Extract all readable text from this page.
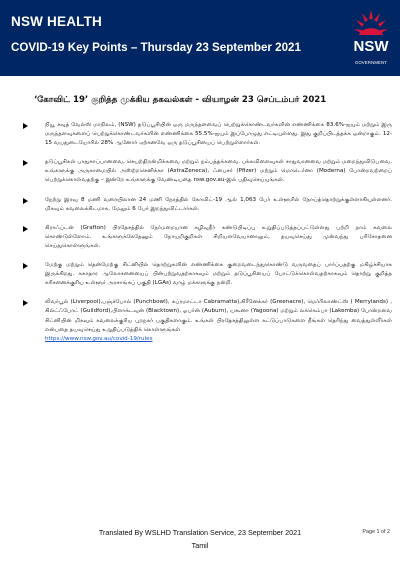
NSW HEALTH
COVID-19 Key Points – Thursday 23 September 2021	NSW
GOVERNMENT
‘கோவிட் 19’ குறித்த முக்கிய தகவல்கள் - வியாழன் 23 செப்டம்பர் 2021

நியூ சவுத் வேல்ஸ் மாநிலம், (NSW) தடுப்பூசியின் ஒரு மருந்தளவைப் பெற்றுக்கொண்டவர்களின் எண்ணிக்கை 83.6%-ஐயும் மற்றும் இரு மருந்தளவுகளைப் பெற்றுக்கொண்டவர்களின் எண்ணிக்கை 55.5%-ஐயும் இப்போழுது எட்டியுள்ளது. இது குறிப்பிடத்தக்க ஒன்றாகும். 12-15 வயதுடையோரில் 28% ஆனோர் ஏற்கனவே ஒரு தடுப்பூசியைப் பெற்றுள்ளார்கள்.

தடுப்பூசிகள் பாதுகாப்பானவை, செயற்திறன்மிக்கவை மற்றும் நம்பத்தக்கவை. பக்கவிளைவுகள் சாதுவானவை மற்றும் மறைந்துவிடுபவை. உங்களுக்கு அருகாமையில் அஸ்ற்றசெனிக்கா (AstraZeneca), ஃபைசர் (Pfizer) மற்றும் மொடெர்னா (Moderna) போன்றவற்றைப் பெற்றுக்கொள்வதற்கு – இன்றே உங்களுக்கு வேண்டியதை nsw.gov.au-இல் பதிவுசெய்யுங்கள்.

நேற்று இரவு 8 மணி வரையிலான 24 மணி நேரத்தில் கோவிட்-19 ஆல் 1,063 பேர் உள்ளூரில் நோய்த்தொற்றுக்குள்ளாகியுள்ளனர். மிகவும் கவலைக்கிடமாக, மேலும் 6 பேர் இறந்துவிட்டார்கள்.

கிராஃப்டன் (Grafton) பிரதேசத்தில் நேர்மறையான கழிவுநீர் கண்டுபிடிப்பு உறுதிப்படுத்தப்பட்டுள்ளது பற்றி நாம் கவலை கொண்டுள்ளோம். உங்களுக்கேதேனும் நோயறிகுறிகள் சிறியளவேயானாலும், தயவுசெய்து முன்வந்து பரிசோதனை செய்துகொள்ளுங்கள்.

மேற்கு மற்றும் தென்மேற்கு சிட்னியில் தொற்றுகளின் எண்ணிக்கை குறைவடைந்துகொண்டு வருவதைப் பார்ப்பதற்கு மகிழ்ச்சியாக இருக்கிறது. சுகாதார ஆலோசனையைப் பின்பற்றுவதற்காகவும் மற்றும் தடுப்பூசியைப் போட்டுக்கொள்வதற்காகவும் தொற்று குறித்த கரிசனைக்குரிய உள்ளூர் அரசாங்கப் பகுதி (LGAs) வாழ் மக்களுக்கு நன்றி.

லிவர்பூல் (Liverpool),பஞ்ச்போல் (Punchbowl), கப்ரமாட்டா Cabramatta),கிரீனேக்கர் (Greenacre), மெர்ரிலாண்ட்ஸ் ( Merrylands) , கில்ட்ஃபோட் (Guildford),பிளாக்டவுன் (Blacktown), ஓபர்ன் (Auburn), யகூனா (Yagoona) மற்றும் லக்கெம்பா (Lakemba) போன்றவை சிட்னியின் மிகவும் கவலைக்குரிய புறநகர் பகுதிகளாகும். உங்கள் பிரதேசத்திலுள்ள கட்டுப்பாடுகளை நீங்கள் தெரிந்து வைத்துள்ளீர்கள் என்பதை தயவுசெய்து உறுதிப்படுத்திக் கொள்ளுங்கள்

https://www.nsw.gov.au/covid-19/rules
Translated By WSLHD Translation Service, 23 September 2021
Tamil
Page 1 of 2
